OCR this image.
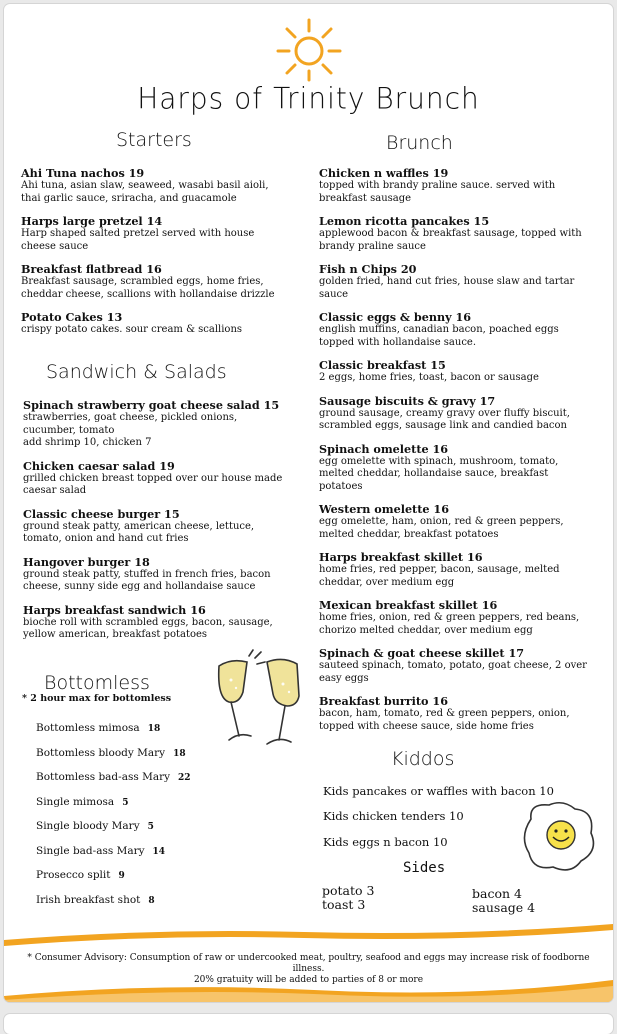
Harps of Trinity Brunch
Starters	Brunch
Ahi Tuna nachos 19
Ahi tuna, asian slaw, seaweed, wasabi basil aioli, thai garlic sauce, sriracha, and guacamole
Harps large pretzel 14
Harp shaped salted pretzel served with house cheese sauce
Breakfast flatbread 16
Breakfast sausage, scrambled eggs, home fries, cheddar cheese, scallions with hollandaise drizzle
Potato Cakes 13
crispy potato cakes. sour cream & scallions
Sandwich & Salads
Spinach strawberry goat cheese salad 15
strawberries, goat cheese, pickled onions, cucumber, tomato
add shrimp 10, chicken 7
Chicken caesar salad 19
grilled chicken breast topped over our house made caesar salad
Classic cheese burger 15
ground steak patty, american cheese, lettuce, tomato, onion and hand cut fries
Hangover burger 18
ground steak patty, stuffed in french fries, bacon cheese, sunny side egg and hollandaise sauce
Harps breakfast sandwich 16
bioche roll with scrambled eggs, bacon, sausage, yellow american, breakfast potatoes
Chicken n waffles 19
topped with brandy praline sauce. served with breakfast sausage
Lemon ricotta pancakes 15
applewood bacon & breakfast sausage, topped with brandy praline sauce
Fish n Chips 20
golden fried, hand cut fries, house slaw and tartar sauce
Classic eggs & benny 16
english muffins, canadian bacon, poached eggs topped with hollandaise sauce.
Classic breakfast 15
2 eggs, home fries, toast, bacon or sausage
Sausage biscuits & gravy 17
ground sausage, creamy gravy over fluffy biscuit, scrambled eggs, sausage link and candied bacon
Spinach omelette 16
egg omelette with spinach, mushroom, tomato, melted cheddar, hollandaise sauce, breakfast potatoes
Western omelette 16
egg omelette, ham, onion, red & green peppers, melted cheddar, breakfast potatoes
Harps breakfast skillet 16
home fries, red pepper, bacon, sausage, melted cheddar, over medium egg
Mexican breakfast skillet 16
home fries, onion, red & green peppers, red beans, chorizo melted cheddar, over medium egg
Spinach & goat cheese skillet 17
sauteed spinach, tomato, potato, goat cheese, 2 over easy eggs
Breakfast burrito 16
bacon, ham, tomato, red & green peppers, onion, topped with cheese sauce, side home fries
Bottomless
* 2 hour max for bottomless
Bottomless mimosa 18
Bottomless bloody Mary 18
Bottomless bad-ass Mary 22
Single mimosa 5
Single bloody Mary 5
Single bad-ass Mary 14
Prosecco split 9
Irish breakfast shot 8
Kiddos
Kids pancakes or waffles with bacon 10
Kids chicken tenders 10
Kids eggs n bacon 10
Sides
potato 3
toast 3
bacon 4
sausage 4
* Consumer Advisory: Consumption of raw or undercooked meat, poultry, seafood and eggs may increase risk of foodborne illness.
20% gratuity will be added to parties of 8 or more
